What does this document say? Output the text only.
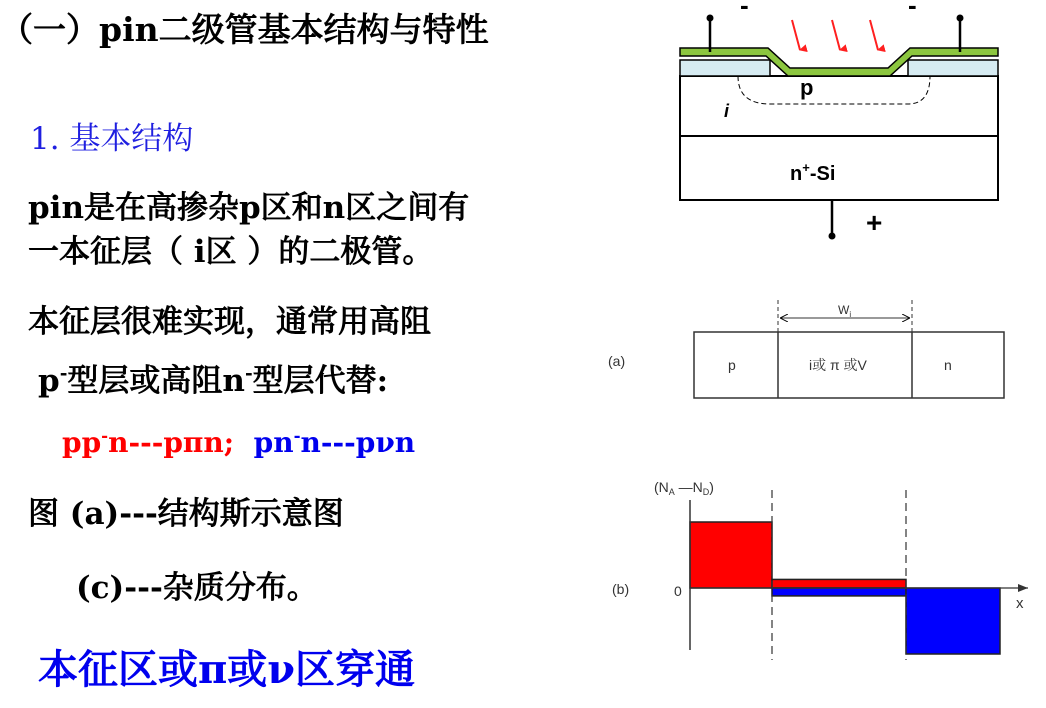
（一）pin二级管基本结构与特性
1. 基本结构
pin是在高掺杂p区和n区之间有
一本征层（ i区 ）的二极管。
本征层很难实现，通常用高阻
p-型层或高阻n-型层代替:
pp-n---pπn; pn-n---pνn
图 (a)---结构斯示意图
(c)---杂质分布。
本征区或π或ν区穿通
-	-
p
i
n+-Si
+
(a)
$W_i$
p	i或 π 或V	n
($N_A$ $—N_D$)
(b)	0
x
